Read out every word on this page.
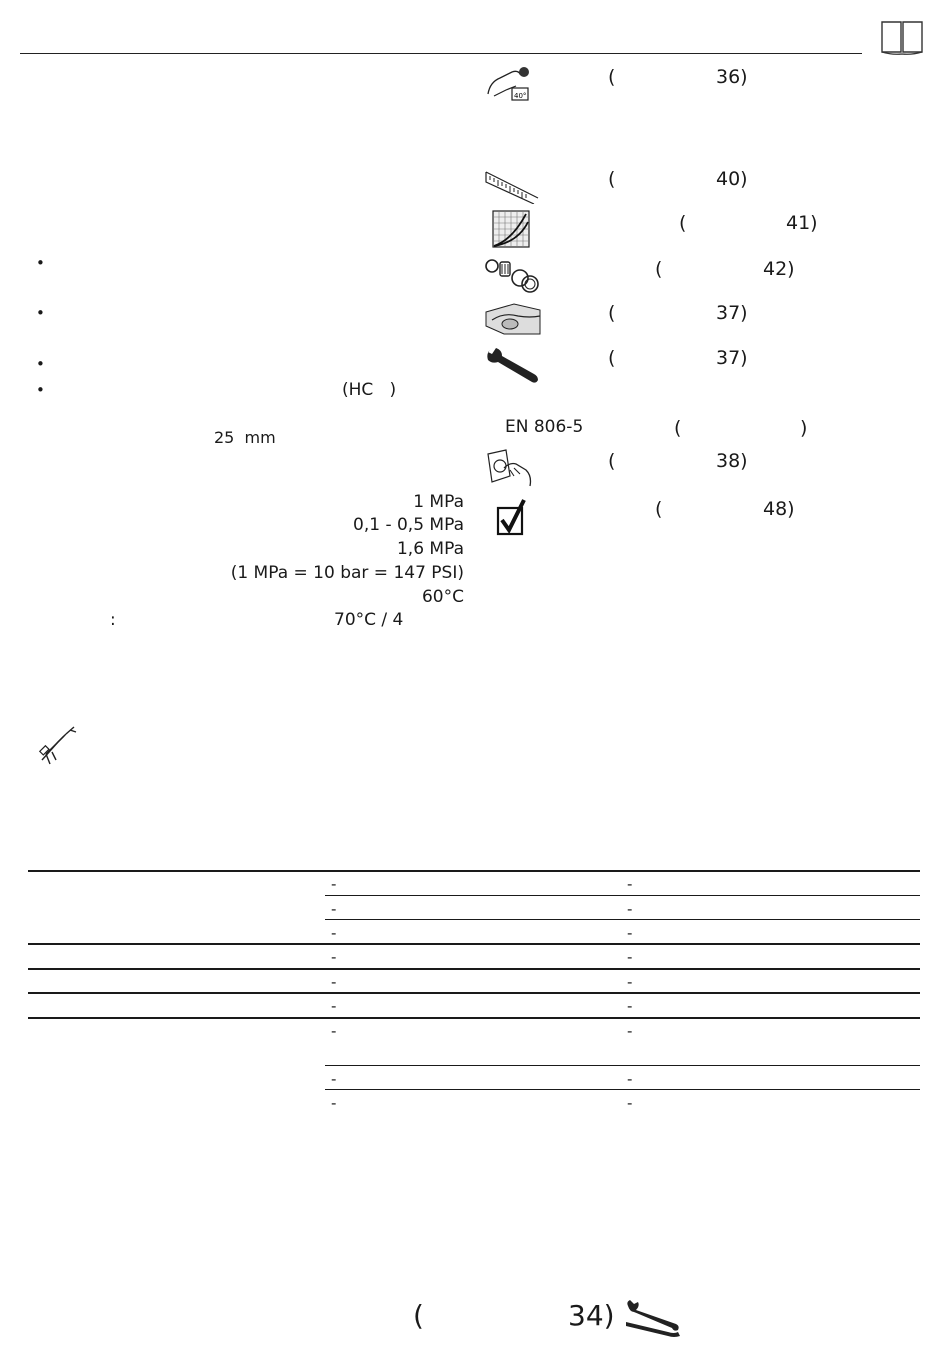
•
•
•
•	(HC   )
25  mm
1 MPa
0,1 - 0,5 MPa
1,6 MPa
(1 MPa = 10 bar = 147 PSI)
60°C
:	70°C / 4
40°
(	36)
(	40)
(	41)
(	42)
(	37)
(	37)
EN 806-5	(	)
(	38)
(	48)
-	-
-	-
-	-
-	-
-	-
-	-
-	-
-	-
-	-
(	34)
